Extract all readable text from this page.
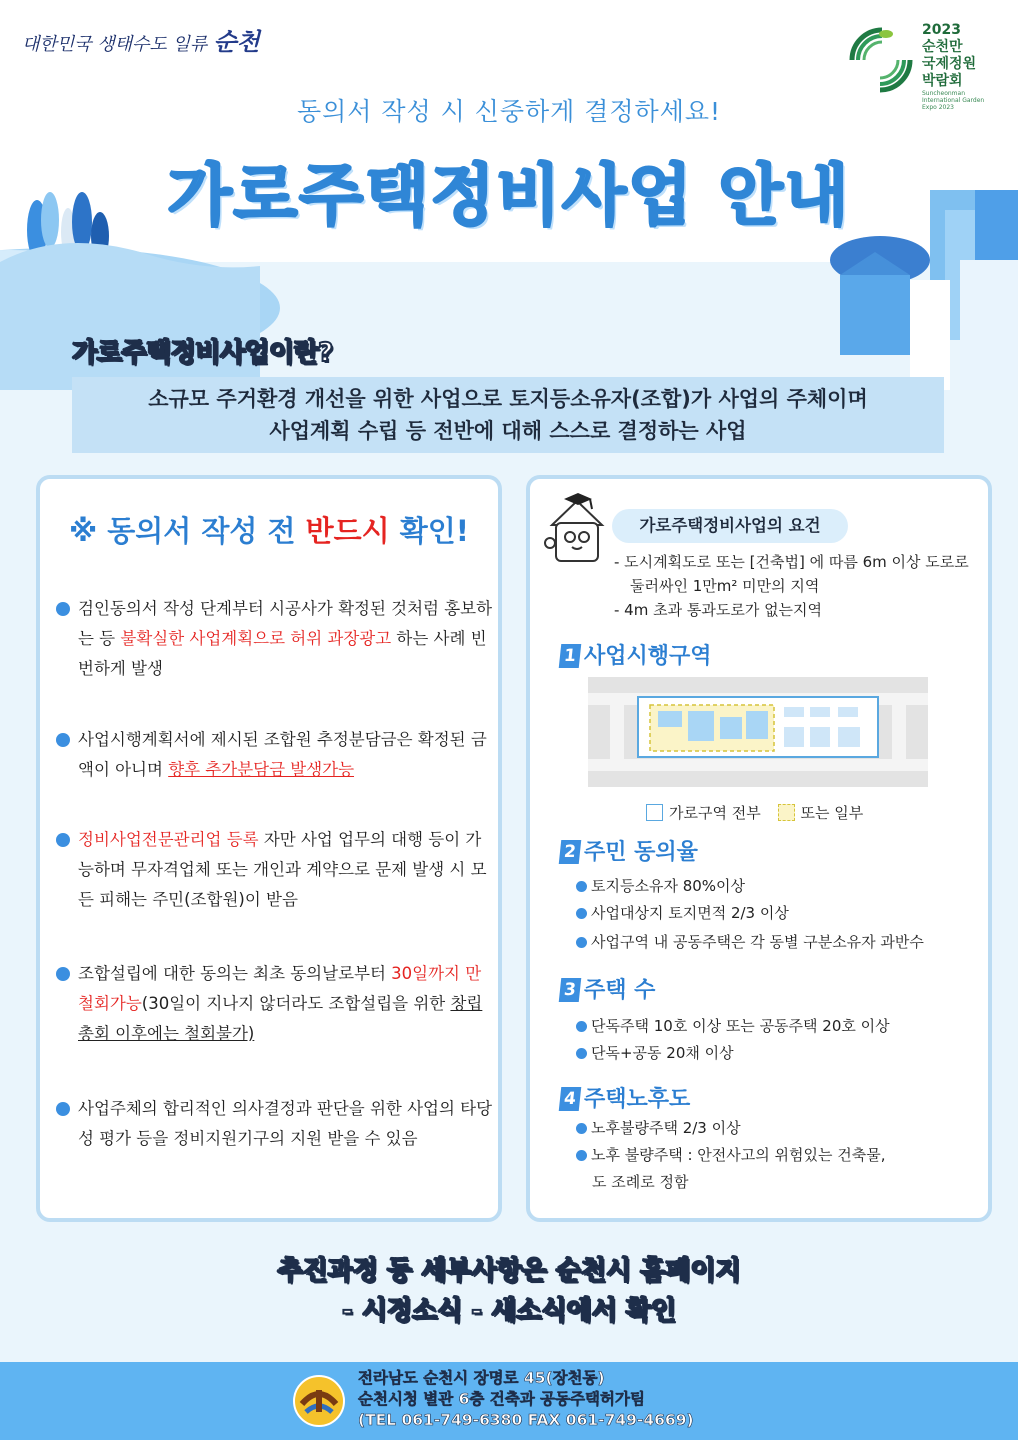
대한민국 생태수도 일류 순천	2023
순천만
국제정원
박람회
Suncheonman International Garden Expo 2023
동의서 작성 시 신중하게 결정하세요!
가로주택정비사업 안내
가로주택정비사업이란?
소규모 주거환경 개선을 위한 사업으로 토지등소유자(조합)가 사업의 주체이며
사업계획 수립 등 전반에 대해 스스로 결정하는 사업
※ 동의서 작성 전 반드시 확인!
검인동의서 작성 단계부터 시공사가 확정된 것처럼 홍보하는 등 불확실한 사업계획으로 허위 과장광고 하는 사례 빈번하게 발생
사업시행계획서에 제시된 조합원 추정분담금은 확정된 금액이 아니며 향후 추가분담금 발생가능
정비사업전문관리업 등록 자만 사업 업무의 대행 등이 가능하며 무자격업체 또는 개인과 계약으로 문제 발생 시 모든 피해는 주민(조합원)이 받음
조합설립에 대한 동의는 최초 동의날로부터 30일까지 만 철회가능(30일이 지나지 않더라도 조합설립을 위한 창립총회 이후에는 철회불가)
사업주체의 합리적인 의사결정과 판단을 위한 사업의 타당성 평가 등을 정비지원기구의 지원 받을 수 있음
가로주택정비사업의 요건
- 도시계획도로 또는 [건축법] 에 따름 6m 이상 도로로
둘러싸인 1만m² 미만의 지역
- 4m 초과 통과도로가 없는지역
1 사업시행구역
가로구역 전부	또는 일부
2 주민 동의율
토지등소유자 80%이상
사업대상지 토지면적 2/3 이상
사업구역 내 공동주택은 각 동별 구분소유자 과반수
3 주택 수
단독주택 10호 이상 또는 공동주택 20호 이상
단독+공동 20채 이상
4 주택노후도
노후불량주택 2/3 이상
노후 불량주택 : 안전사고의 위험있는 건축물,
도 조례로 정함
추진과정 등 세부사항은 순천시 홈페이지
- 시정소식 - 새소식에서 확인
전라남도 순천시 장명로 45(장천동)
순천시청 별관 6층 건축과 공동주택허가팀
(TEL 061-749-6380 FAX 061-749-4669)
